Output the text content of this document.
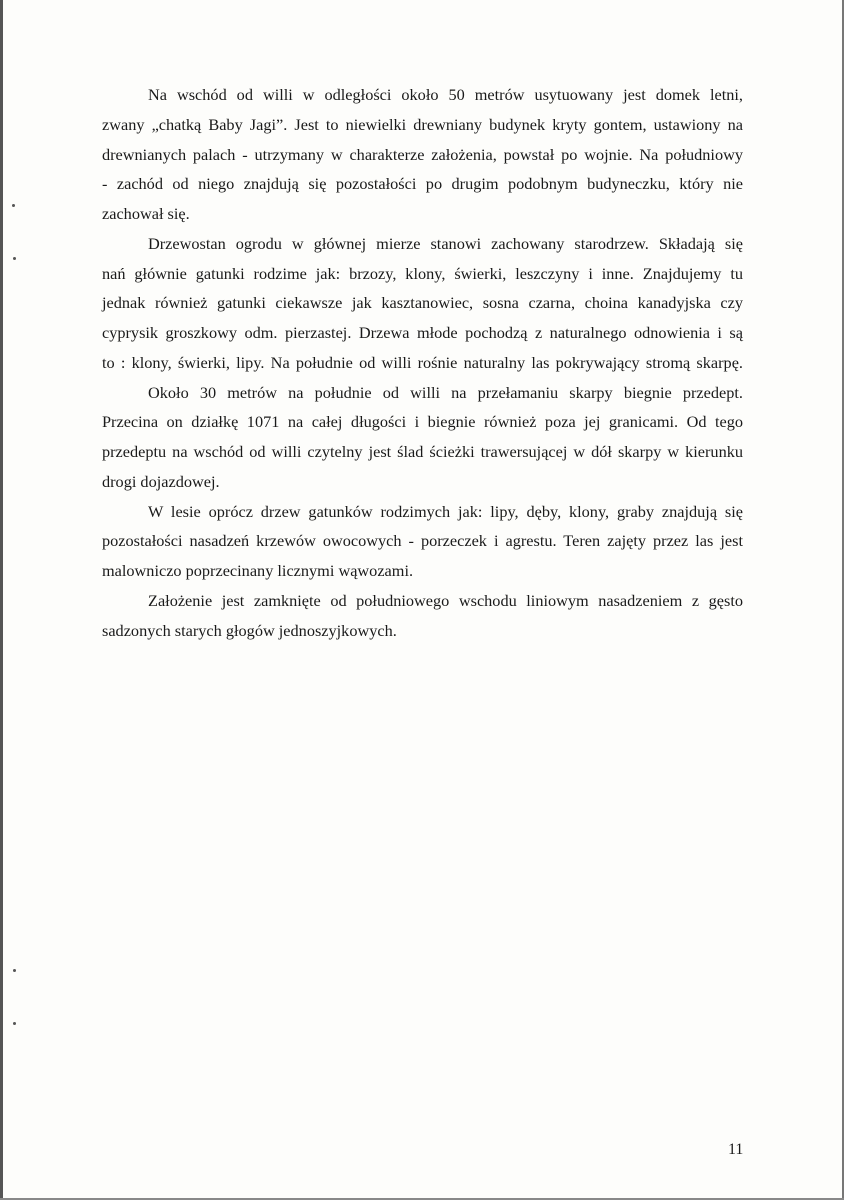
Na wschód od willi w odległości około 50 metrów usytuowany jest domek letni,
zwany „chatką Baby Jagi”. Jest to niewielki drewniany budynek kryty gontem, ustawiony na
drewnianych palach - utrzymany w charakterze założenia, powstał po wojnie. Na południowy
- zachód od niego znajdują się pozostałości po drugim podobnym budyneczku, który nie
zachował się.
Drzewostan ogrodu w głównej mierze stanowi zachowany starodrzew. Składają się
nań głównie gatunki rodzime jak: brzozy, klony, świerki, leszczyny i inne. Znajdujemy tu
jednak również gatunki ciekawsze jak kasztanowiec, sosna czarna, choina kanadyjska czy
cyprysik groszkowy odm. pierzastej. Drzewa młode pochodzą z naturalnego odnowienia i są
to : klony, świerki, lipy. Na południe od willi rośnie naturalny las pokrywający stromą skarpę.
Około 30 metrów na południe od willi na przełamaniu skarpy biegnie przedept.
Przecina on działkę 1071 na całej długości i biegnie również poza jej granicami. Od tego
przedeptu na wschód od willi czytelny jest ślad ścieżki trawersującej w dół skarpy w kierunku
drogi dojazdowej.
W lesie oprócz drzew gatunków rodzimych jak: lipy, dęby, klony, graby znajdują się
pozostałości nasadzeń krzewów owocowych - porzeczek i agrestu. Teren zajęty przez las jest
malowniczo poprzecinany licznymi wąwozami.
Założenie jest zamknięte od południowego wschodu liniowym nasadzeniem z gęsto
sadzonych starych głogów jednoszyjkowych.
11
